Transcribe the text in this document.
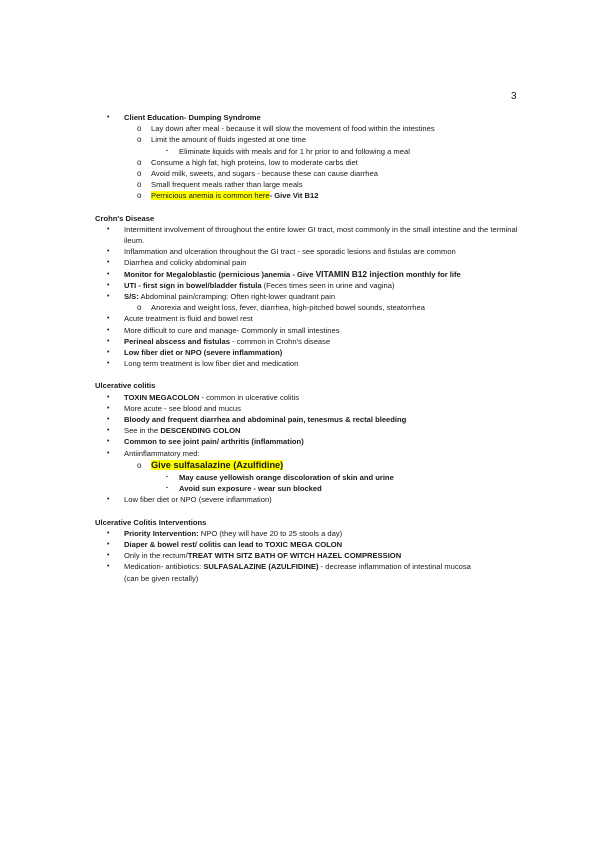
3
• Client Education- Dumping Syndrome
o Lay down after meal - because it will slow the movement of food within the intestines
o Limit the amount of fluids ingested at one time
▪ Eliminate liquids with meals and for 1 hr prior to and following a meal
o Consume a high fat, high proteins, low to moderate carbs diet
o Avoid milk, sweets, and sugars - because these can cause diarrhea
o Small frequent meals rather than large meals
o Pernicious anemia is common here- Give Vit B12
Crohn's Disease
• Intermittent involvement of throughout the entire lower GI tract, most commonly in the small intestine and the terminal ileum.
• Inflammation and ulceration throughout the GI tract - see sporadic lesions and fistulas are common
• Diarrhea and colicky abdominal pain
• Monitor for Megaloblastic (pernicious )anemia - Give VITAMIN B12 injection monthly for life
• UTI - first sign in bowel/bladder fistula (Feces times seen in urine and vagina)
• S/S: Abdominal pain/cramping: Often right-lower quadrant pain
o Anorexia and weight loss, fever, diarrhea, high-pitched bowel sounds, steatorrhea
• Acute treatment is fluid and bowel rest
• More difficult to cure and manage- Commonly in small intestines
• Perineal abscess and fistulas - common in Crohn's disease
• Low fiber diet or NPO (severe inflammation)
• Long term treatment is low fiber diet and medication
Ulcerative colitis
• TOXIN MEGACOLON - common in ulcerative colitis
• More acute - see blood and mucus
• Bloody and frequent diarrhea and abdominal pain, tenesmus & rectal bleeding
• See in the DESCENDING COLON
• Common to see joint pain/ arthritis (inflammation)
• Antiinflammatory med:
o Give sulfasalazine (Azulfidine)
▪ May cause yellowish orange discoloration of skin and urine
▪ Avoid sun exposure - wear sun blocked
• Low fiber diet or NPO (severe inflammation)
Ulcerative Colitis Interventions
• Priority Intervention: NPO (they will have 20 to 25 stools a day)
• Diaper & bowel rest/ colitis can lead to TOXIC MEGA COLON
• Only in the rectum/TREAT WITH SITZ BATH OF WITCH HAZEL COMPRESSION
• Medication- antibiotics: SULFASALAZINE (AZULFIDINE) - decrease inflammation of intestinal mucosa
(can be given rectally)
